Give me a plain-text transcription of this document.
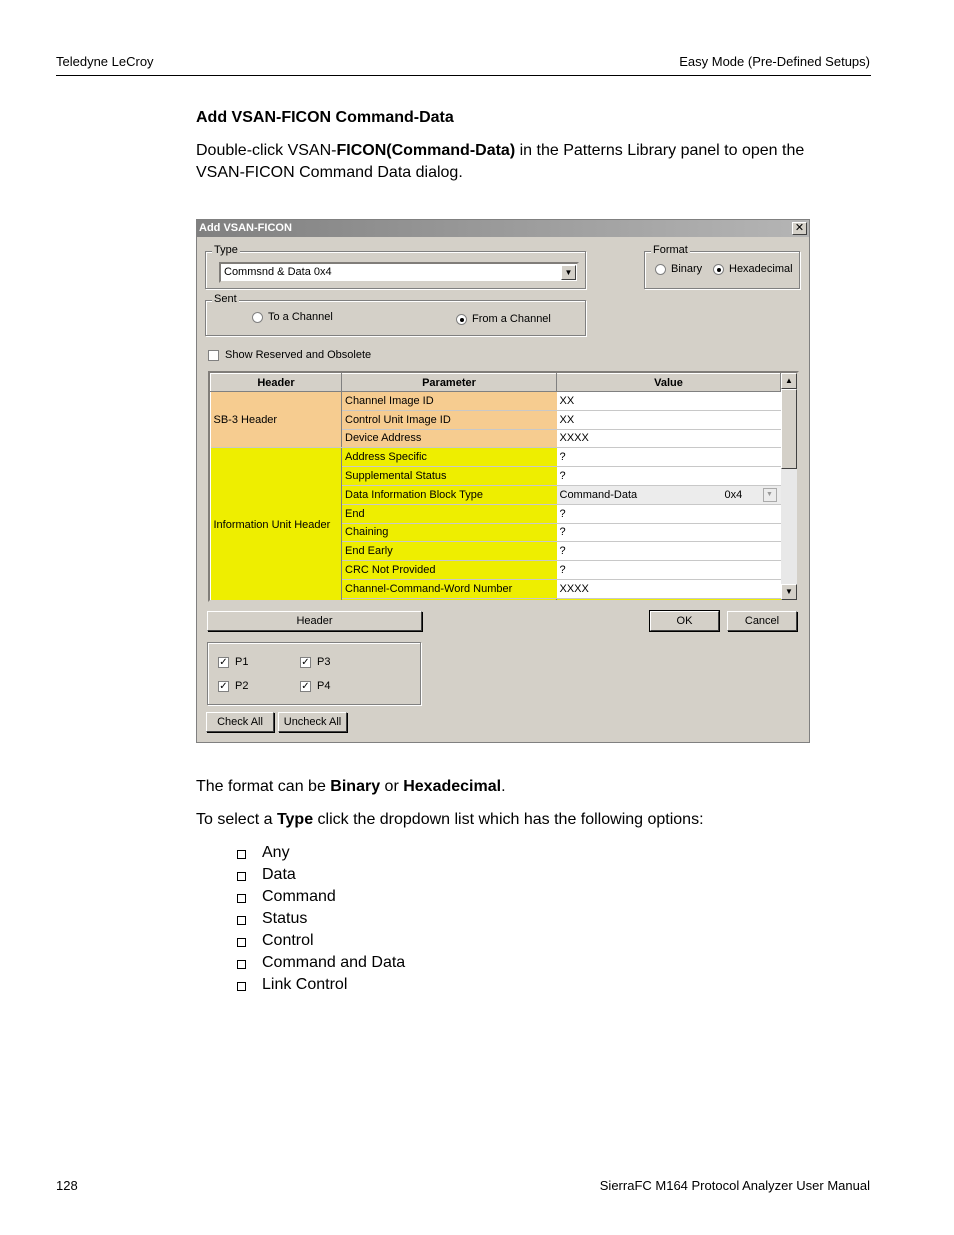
Teledyne LeCroy	Easy Mode (Pre-Defined Setups)
Add VSAN-FICON Command-Data
Double-click VSAN-FICON(Command-Data) in the Patterns Library panel to open the VSAN-FICON Command Data dialog.
Add VSAN-FICON	✕
Type
Commsnd & Data 0x4	▼
Format
Binary Hexadecimal
Sent
To a Channel	From a Channel
Show Reserved and Obsolete
Header	Parameter	Value	
SB-3 Header	Channel Image ID	XX	
	Control Unit Image ID	XX	
	Device Address	XXXX	
Information Unit Header	Address Specific	?	
	Supplemental Status	?	
	Data Information Block Type	Command-Data 0x4 ▼	

	End	?	
	Chaining	?	
	End Early	?	
	CRC Not Provided	?	
	Channel-Command-Word Number	XXXX	

▲
▼
Header	OK	Cancel
✓ P1	✓ P3
✓ P2	✓ P4
Check All	Uncheck All
The format can be Binary or Hexadecimal.
To select a Type click the dropdown list which has the following options:
Any
Data
Command
Status
Control
Command and Data
Link Control
128	SierraFC M164 Protocol Analyzer User Manual
